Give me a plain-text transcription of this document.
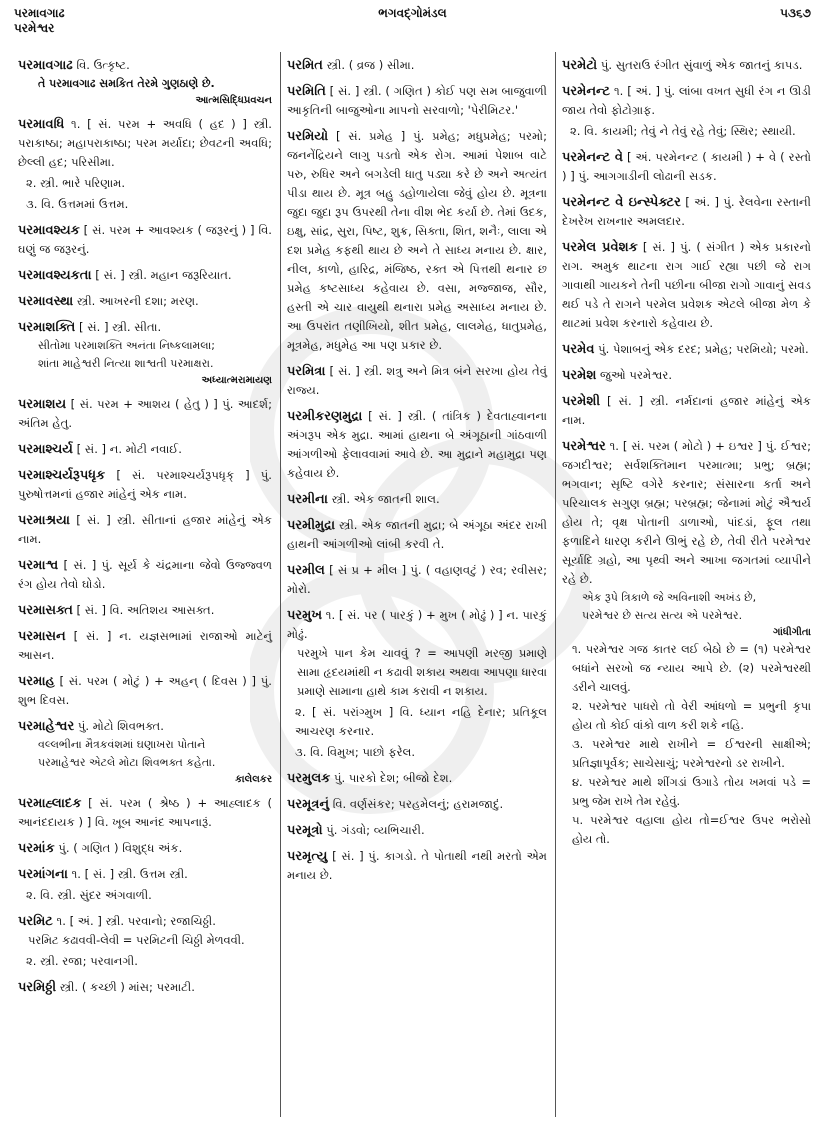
પરમાવગાઢ
પરમેશ્વર
ભગવદ્ગોમંડલ	૫૩૬૭
પરમાવગાઢ વિ. ઉત્કૃષ્ટ.
તે પરમાવગાઢ સમકિત તેરમે ગુણઠાણે છે.
આત્મસિદ્ધિપ્રવચન
પરમાવધિ ૧. [ સં. પરમ + અવધિ ( હદ ) ] સ્ત્રી. પરાકાષ્ઠા; મહાપરાકાષ્ઠા; પરમ મર્યાદા; છેવટની અવધિ; છેલ્લી હદ; પરિસીમા.
૨. સ્ત્રી. ભારે પરિણામ.
૩. વિ. ઉત્તમમાં ઉત્તમ.
પરમાવશ્યક [ સં. પરમ + આવશ્યક ( જરૂરનું ) ] વિ. ઘણું જ જરૂરનું.
પરમાવશ્યકતા [ સં. ] સ્ત્રી. મહાન જરૂરિયાત.
પરમાવસ્થા સ્ત્રી. આખરની દશા; મરણ.
પરમાશક્તિ [ સં. ] સ્ત્રી. સીતા.
સીતોમા પરમાશક્તિ અનંતા નિષ્કલામલા;
શાંતા માહેશ્વરી નિત્યા શાશ્વતી પરમાક્ષરા.
અધ્યાત્મરામાયણ
પરમાશય [ સં. પરમ + આશય ( હેતુ ) ] પું. આદર્શ; અંતિમ હેતુ.
પરમાશ્ચર્ય [ સં. ] ન. મોટી નવાઈ.
પરમાશ્ચર્યરૂપધૃક [ સં. પરમાશ્ચર્યરૂપધૃક્ ] પું. પુરુષોત્તમનાં હજાર માંહેનું એક નામ.
પરમાશ્રયા [ સં. ] સ્ત્રી. સીતાનાં હજાર માંહેનું એક નામ.
પરમાશ્વ [ સં. ] પું. સૂર્ય કે ચંદ્રમાના જેવો ઉજ્જ્વળ રંગ હોય તેવો ઘોડો.
પરમાસક્ત [ સં. ] વિ. અતિશય આસક્ત.
પરમાસન [ સં. ] ન. યજ્ઞસભામાં રાજાઓ માટેનું આસન.
પરમાહ [ સં. પરમ ( મોટું ) + અહન્ ( દિવસ ) ] પું. શુભ દિવસ.
પરમાહેશ્વર પું. મોટો શિવભક્ત.
વલ્લભીના મૈત્રકવંશમાં ઘણાખરા પોતાને
પરમાહેશ્વર એટલે મોટા શિવભક્ત કહેતા.
કાલેલકર
પરમાહ્લાદક [ સં. પરમ ( શ્રેષ્ઠ ) + આહ્લાદક ( આનંદદાયક ) ] વિ. ખૂબ આનંદ આપનારૂં.
પરમાંક પું. ( ગણિત ) વિશુદ્ધ અંક.
પરમાંગના ૧. [ સં. ] સ્ત્રી. ઉત્તમ સ્ત્રી.
૨. વિ. સ્ત્રી. સુંદર અંગવાળી.
પરમિટ ૧. [ અં. ] સ્ત્રી. પરવાનો; રજાચિઠ્ઠી.
પરમિટ કઢાવવી-લેવી = પરમિટની ચિઠ્ઠી મેળવવી.
૨. સ્ત્રી. રજા; પરવાનગી.
પરમિઠ્ઠી સ્ત્રી. ( કચ્છી ) માંસ; પરમાટી.
પરમિત સ્ત્રી. ( વ્રજ ) સીમા.
પરમિતિ [ સં. ] સ્ત્રી. ( ગણિત ) કોઈ પણ સમ બાજુવાળી આકૃતિની બાજુઓના માપનો સરવાળો; 'પેરીમિટર.'
પરમિયો [ સં. પ્રમેહ ] પું. પ્રમેહ; મધુપ્રમેહ; પરમો; જનનેંદ્રિયને લાગુ પડતો એક રોગ. આમાં પેશાબ વાટે પરુ, રુધિર અને બગડેલી ધાતુ પડ્યા કરે છે અને અત્યંત પીડા થાય છે. મૂત્ર બહુ ડહોળાયેલા જેવું હોય છે. મૂત્રના જુદા જુદા રૂપ ઉપરથી તેના વીશ ભેદ કર્યા છે. તેમાં ઉદક, ઇક્ષુ, સાંદ્ર, સુરા, પિષ્ટ, શુક્ર, સિક્તા, શિત, શનૈઃ, લાલા એ દશ પ્રમેહ કફથી થાય છે અને તે સાધ્ય મનાય છે. ક્ષાર, નીલ, કાળો, હારિદ્ર, મંજિષ્ઠ, રક્ત એ પિત્તથી થનાર છ પ્રમેહ કષ્ટસાધ્ય કહેવાય છે. વસા, મજ્જાજ, સૌર, હસ્તી એ ચાર વાયુથી થનારા પ્રમેહ અસાધ્ય મનાય છે. આ ઉપરાંત તણીખિયો, શીત પ્રમેહ, લાલમેહ, ધાતુપ્રમેહ, મૂત્રમેહ, મધુમેહ આ પણ પ્રકાર છે.
પરમિત્રા [ સં. ] સ્ત્રી. શત્રુ અને મિત્ર બંને સરખા હોય તેવું રાજ્ય.
પરમીકરણમુદ્રા [ સં. ] સ્ત્રી. ( તાંત્રિક ) દેવતાહ્વાનના અંગરૂપ એક મુદ્રા. આમાં હાથના બે અંગૂઠાની ગાંઠવાળી આંગળીઓ ફેલાવવામાં આવે છે. આ મુદ્રાને મહામુદ્રા પણ કહેવાય છે.
પરમીના સ્ત્રી. એક જાતની શાલ.
પરમીમુદ્રા સ્ત્રી. એક જાતની મુદ્રા; બે અંગૂઠા અંદર રાખી હાથની આંગળીઓ લાંબી કરવી તે.
પરમીલ [ સં પ્ર + મીલ ] પું. ( વહાણવટું ) રવ; રવીસર; મોરો.
પરમુખ ૧. [ સં. પર ( પારકું ) + મુખ ( મોઢું ) ] ન. પારકું મોઢું.
પરમુખે પાન કેમ ચાવવું ? = આપણી મરજી પ્રમાણે સામા હૃદયમાંથી ન કઢાવી શકાય અથવા આપણા ધારવા પ્રમાણે સામાના હાથે કામ કરાવી ન શકાય.
૨. [ સં. પરાંગ્મુખ ] વિ. ધ્યાન નહિ દેનાર; પ્રતિકૂલ આચરણ કરનાર.
૩. વિ. વિમુખ; પાછો ફરેલ.
પરમુલક પું. પારકો દેશ; બીજો દેશ.
પરમૂત્રનું વિ. વર્ણસંકર; પરહમેલનું; હરામજાદું.
પરમૂત્રો પું. ગંડવો; વ્યભિચારી.
પરમૃત્યુ [ સં. ] પું. કાગડો. તે પોતાથી નથી મરતો એમ મનાય છે.
પરમેટો પું. સુતરાઉ રંગીત સુંવાળું એક જાતનું કાપડ.
પરમેનન્ટ ૧. [ અં. ] પું. લાંબા વખત સુધી રંગ ન ઊડી જાય તેવો ફોટોગ્રાફ.
૨. વિ. કાયમી; તેવું ને તેવું રહે તેવું; સ્થિર; સ્થાયી.
પરમેનન્ટ વે [ અં. પરમેનન્ટ ( કાયમી ) + વે ( રસ્તો ) ] પું. આગગાડીની લોઢાની સડક.
પરમેનન્ટ વે ઇન્સ્પેક્ટર [ અં. ] પું. રેલવેના રસ્તાની દેખરેખ રાખનાર અમલદાર.
પરમેલ પ્રવેશક [ સં. ] પું. ( સંગીત ) એક પ્રકારનો રાગ. અમુક થાટના રાગ ગાઈ રહ્યા પછી જે રાગ ગાવાથી ગાયકને તેની પછીના બીજા રાગો ગાવાનું સવડ થઈ પડે તે રાગને પરમેલ પ્રવેશક એટલે બીજા મેળ કે થાટમાં પ્રવેશ કરનારો કહેવાય છે.
પરમેવ પું. પેશાબનું એક દરદ; પ્રમેહ; પરમિયો; પરમો.
પરમેશ જુઓ પરમેશ્વર.
પરમેશી [ સં. ] સ્ત્રી. નર્મદાનાં હજાર માંહેનું એક નામ.
પરમેશ્વર ૧. [ સં. પરમ ( મોટો ) + ઇશ્વર ] પું. ઈશ્વર; જગદીશ્વર; સર્વશક્તિમાન પરમાત્મા; પ્રભુ; બ્રહ્મ; ભગવાન; સૃષ્ટિ વગેરે કરનાર; સંસારના કર્તા અને પરિચાલક સગુણ બ્રહ્મ; પરબ્રહ્મ; જેનામાં મોટું ઐશ્વર્ય હોય તે; વૃક્ષ પોતાની ડાળાઓ, પાંદડાં, ફૂલ તથા ફળાદિને ધારણ કરીને ઊભું રહે છે, તેવી રીતે પરમેશ્વર સૂર્યાદિ ગ્રહો, આ પૃથ્વી અને આખા જગતમાં વ્યાપીને રહે છે.
એક રૂપે ત્રિકાળે જે અવિનાશી અખંડ છે,
પરમેશ્વર છે સત્ય સત્ય એ પરમેશ્વર.
ગાંધીગીતા
૧. પરમેશ્વર ગજ કાતર લઈ બેઠો છે = (૧) પરમેશ્વર બધાંને સરખો જ ન્યાય આપે છે. (૨) પરમેશ્વરથી ડરીને ચાલવું.
૨. પરમેશ્વર પાધરો તો વેરી આંધળો = પ્રભુની કૃપા હોય તો કોઈ વાંકો વાળ કરી શકે નહિ.
૩. પરમેશ્વર માથે રાખીને = ઈશ્વરની સાક્ષીએ; પ્રતિજ્ઞાપૂર્વક; સાચેસાચું; પરમેશ્વરનો ડર રાખીને.
૪. પરમેશ્વર માથે શીંગડાં ઉગાડે તોય ખમવાં પડે = પ્રભુ જેમ રાખે તેમ રહેવું.
૫. પરમેશ્વર વહાલા હોય તો=ઈશ્વર ઉપર ભરોસો હોય તો.
